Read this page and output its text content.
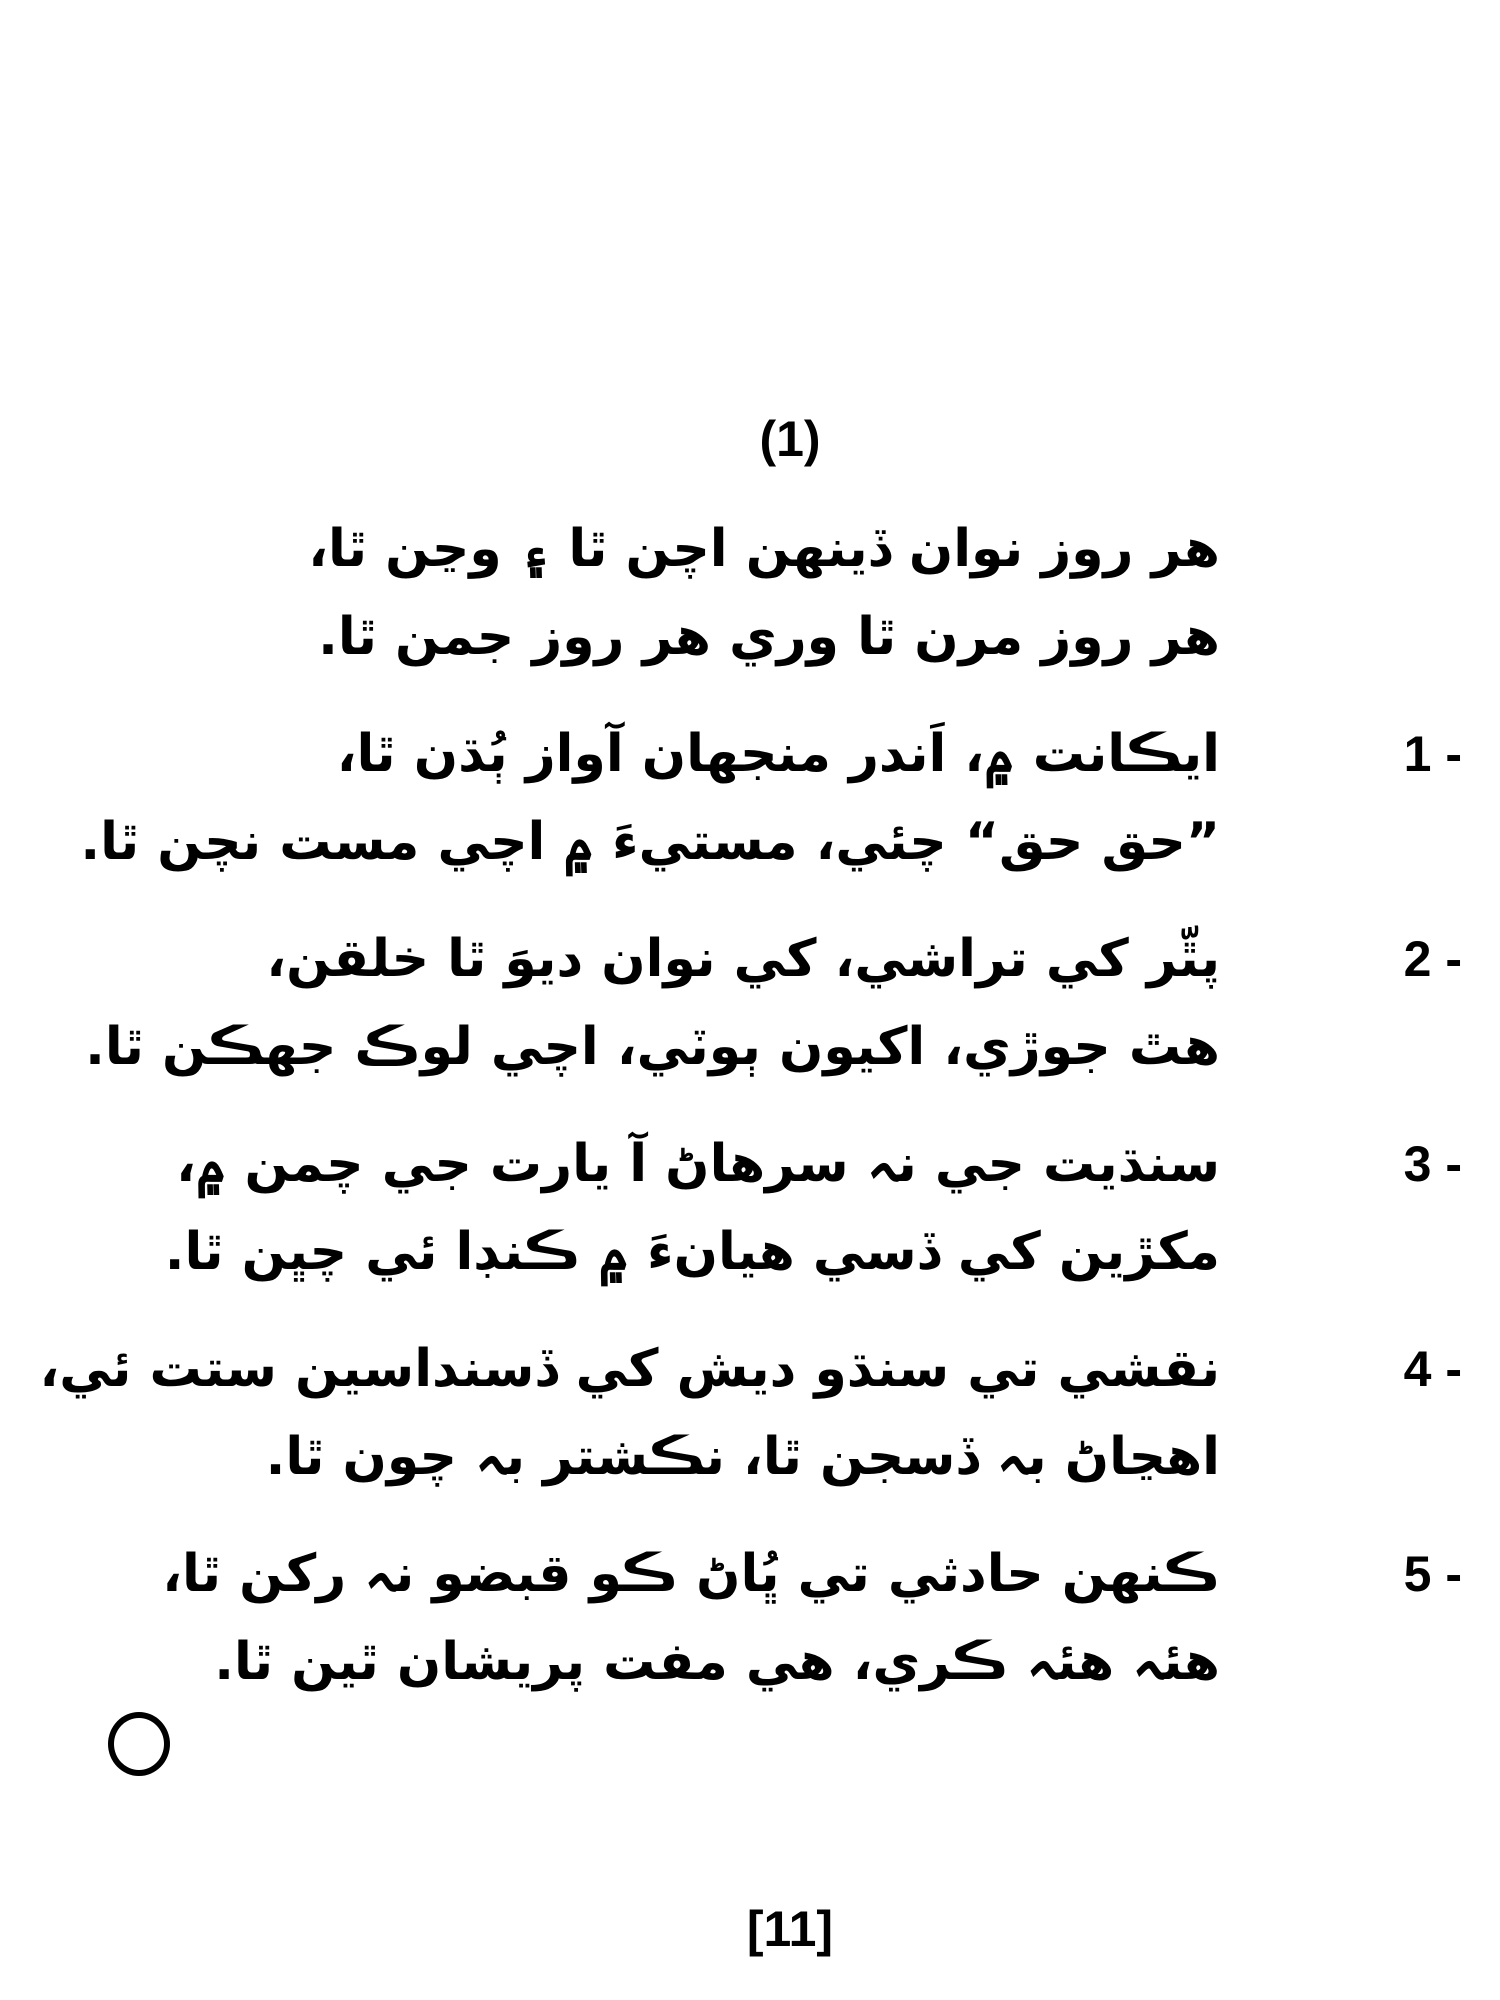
(1)
هر روز نوان ڏينهن اچن ٿا ۽ وڃن ٿا،
هر روز مرن ٿا وري هر روز جمن ٿا.
1 -
ايڪانت ۾، اَندر منجهان آواز ٻُڌن ٿا،
”حق حق“ چئي، مستيءَ ۾ اچي مست نچن ٿا.
2 -
پٿّر کي تراشي، کي نوان ديوَ ٿا خلقن،
هٿ جوڙي، اکيون ٻوٽي، اچي لوڪ جهڪن ٿا.
3 -
سنڌيت جي نہ سرهاڻ آ يارت جي چمن ۾،
مکڙين کي ڏسي هيانءَ ۾ ڪنڊا ئي چڀن ٿا.
4 -
نقشي تي سنڌو ديش کي ڏسنداسين ستت ئي،
اهڃاڻ بہ ڏسجن ٿا، نڪشتر بہ چون ٿا.
5 -
ڪنهن حادثي تي ڀُاڻ ڪو قبضو نہ رکن ٿا،
هئہ هئہ ڪري، هي مفت پريشان ٿين ٿا.
[11]
